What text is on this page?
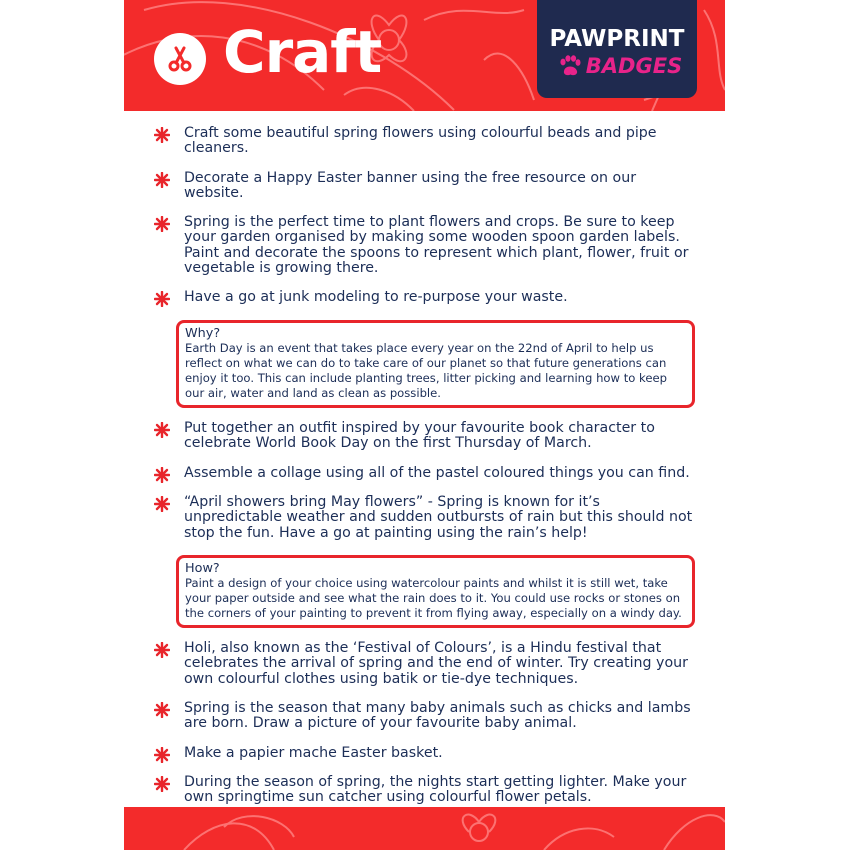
Craft	PAWPRINT
BADGES
Craft some beautiful spring flowers using colourful beads and pipe cleaners.
Decorate a Happy Easter banner using the free resource on our website.
Spring is the perfect time to plant flowers and crops. Be sure to keep your garden organised by making some wooden spoon garden labels. Paint and decorate the spoons to represent which plant, flower, fruit or vegetable is growing there.
Have a go at junk modeling to re-purpose your waste.
Why?
Earth Day is an event that takes place every year on the 22nd of April to help us reflect on what we can do to take care of our planet so that future generations can enjoy it too. This can include planting trees, litter picking and learning how to keep our air, water and land as clean as possible.
Put together an outfit inspired by your favourite book character to celebrate World Book Day on the first Thursday of March.
Assemble a collage using all of the pastel coloured things you can find.
“April showers bring May flowers” - Spring is known for it’s unpredictable weather and sudden outbursts of rain but this should not stop the fun. Have a go at painting using the rain’s help!
How?
Paint a design of your choice using watercolour paints and whilst it is still wet, take your paper outside and see what the rain does to it. You could use rocks or stones on the corners of your painting to prevent it from flying away, especially on a windy day.
Holi, also known as the ‘Festival of Colours’, is a Hindu festival that celebrates the arrival of spring and the end of winter. Try creating your own colourful clothes using batik or tie-dye techniques.
Spring is the season that many baby animals such as chicks and lambs are born. Draw a picture of your favourite baby animal.
Make a papier mache Easter basket.
During the season of spring, the nights start getting lighter. Make your own springtime sun catcher using colourful flower petals.
